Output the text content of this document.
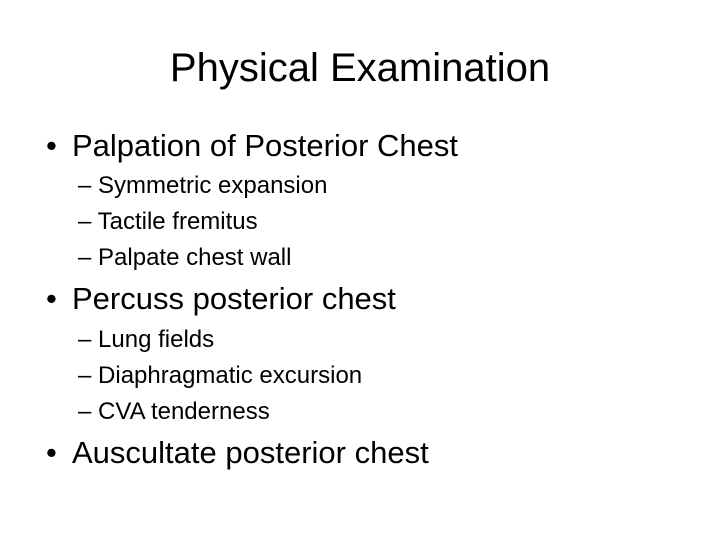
Physical Examination
• Palpation of Posterior Chest
– Symmetric expansion
– Tactile fremitus
– Palpate chest wall
• Percuss posterior chest
– Lung fields
– Diaphragmatic excursion
– CVA tenderness
• Auscultate posterior chest
